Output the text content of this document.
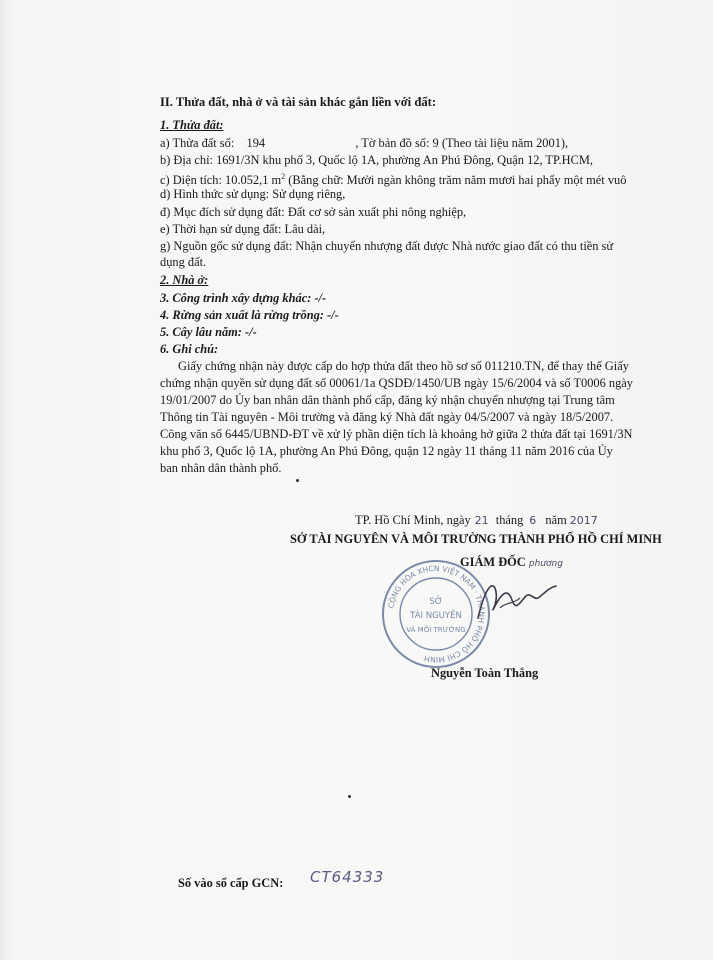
II. Thửa đất, nhà ở và tài sản khác gắn liền với đất:
1. Thửa đất:
a) Thửa đất số: 194	, Tờ bản đồ số: 9 (Theo tài liệu năm 2001),
b) Địa chỉ: 1691/3N khu phố 3, Quốc lộ 1A, phường An Phú Đông, Quận 12, TP.HCM,
c) Diện tích: 10.052,1 $m^2$ (Bằng chữ: Mười ngàn không trăm năm mươi hai phẩy một mét vuô
d) Hình thức sử dụng: Sử dụng riêng,
đ) Mục đích sử dụng đất: Đất cơ sở sản xuất phi nông nghiệp,
e) Thời hạn sử dụng đất: Lâu dài,
g) Nguồn gốc sử dụng đất: Nhận chuyển nhượng đất được Nhà nước giao đất có thu tiền sử
dụng đất.
2. Nhà ở:
3. Công trình xây dựng khác: -/-
4. Rừng sản xuất là rừng trồng: -/-
5. Cây lâu năm: -/-
6. Ghi chú:
Giấy chứng nhận này được cấp do hợp thửa đất theo hồ sơ số 011210.TN, để thay thế Giấy
chứng nhận quyền sử dụng đất số 00061/1a QSDĐ/1450/UB ngày 15/6/2004 và số T0006 ngày
19/01/2007 do Ủy ban nhân dân thành phố cấp, đăng ký nhận chuyển nhượng tại Trung tâm
Thông tin Tài nguyên - Môi trường và đăng ký Nhà đất ngày 04/5/2007 và ngày 18/5/2007.
Công văn số 6445/UBND-ĐT về xử lý phần diện tích là khoảng hở giữa 2 thửa đất tại 1691/3N
khu phố 3, Quốc lộ 1A, phường An Phú Đông, quận 12 ngày 11 tháng 11 năm 2016 của Ủy
ban nhân dân thành phố.
TP. Hồ Chí Minh, ngày 21 tháng 6 năm 2017
SỞ TÀI NGUYÊN VÀ MÔI TRƯỜNG THÀNH PHỐ HỒ CHÍ MINH
GIÁM ĐỐC phương
CỘNG HÒA XHCN VIỆT NAM · THÀNH PHỐ HỒ CHÍ MINH
SỞ
TÀI NGUYÊN
VÀ MÔI TRƯỜNG
Nguyễn Toàn Thắng
Số vào sổ cấp GCN: CT64333
